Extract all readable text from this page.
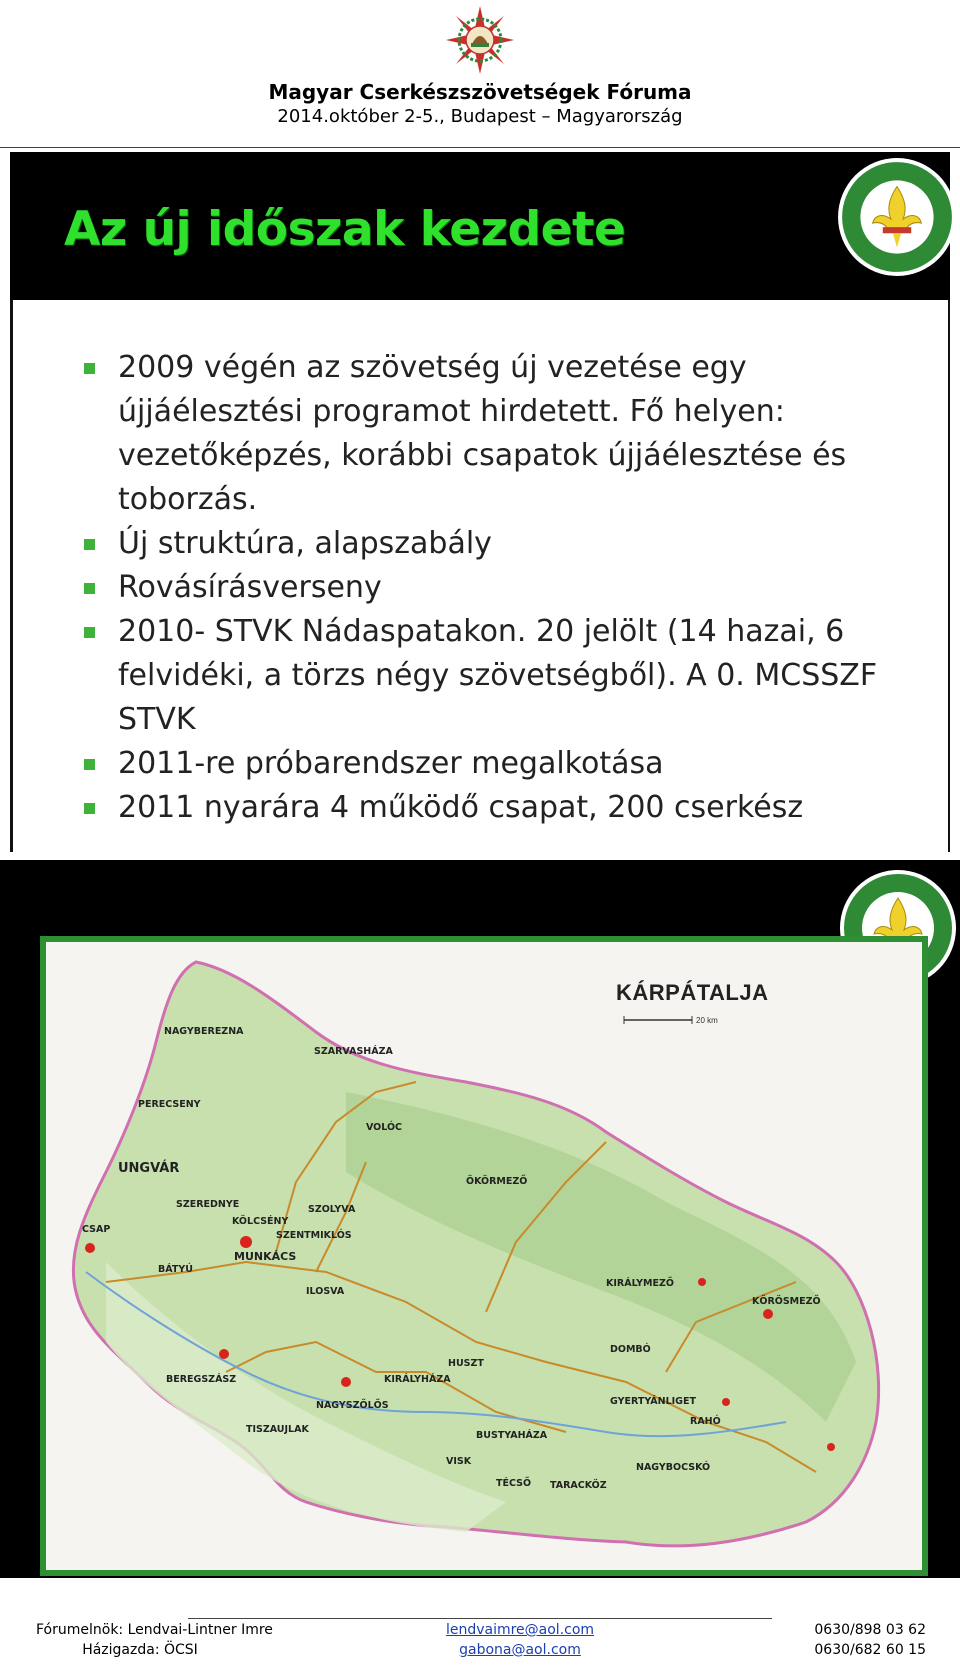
Magyar Cserkészszövetségek Fóruma
2014.október 2-5., Budapest – Magyarország
Az új időszak kezdete
2009 végén az szövetség új vezetése egy újjáélesztési programot hirdetett. Fő helyen: vezetőképzés, korábbi csapatok újjáélesztése és toborzás.
Új struktúra, alapszabály
Rovásírásverseny
2010- STVK Nádaspatakon. 20 jelölt (14 hazai, 6 felvidéki, a törzs négy szövetségből). A 0. MCSSZF STVK
2011-re próbarendszer megalkotása
2011 nyarára 4 működő csapat, 200 cserkész
KÁRPÁTALJA
20 km
NAGYBEREZNA
PERECSENY
UNGVÁR
SZEREDNYE
CSAP
KÖLCSÉNY
MUNKÁCS
BÁTYÚ
SZENTMIKLÓS
SZOLYVA
SZARVASHÁZA
VOLÓC
ÖKÖRMEZŐ
ILOSVA
BEREGSZÁSZ
TISZAUJLAK
NAGYSZŐLŐS
KIRÁLYHÁZA
HUSZT
BUSTYAHÁZA
VISK
TÉCSŐ TARACKÖZ
KIRÁLYMEZŐ
DOMBÓ
KŐRÖSMEZŐ
GYERTYÁNLIGET
RAHÓ
NAGYBOCSKÓ
Fórumelnök: Lendvai-Lintner Imre	lendvaimre@aol.com	0630/898 03 62
Házigazda: ÖCSI	gabona@aol.com	0630/682 60 15
